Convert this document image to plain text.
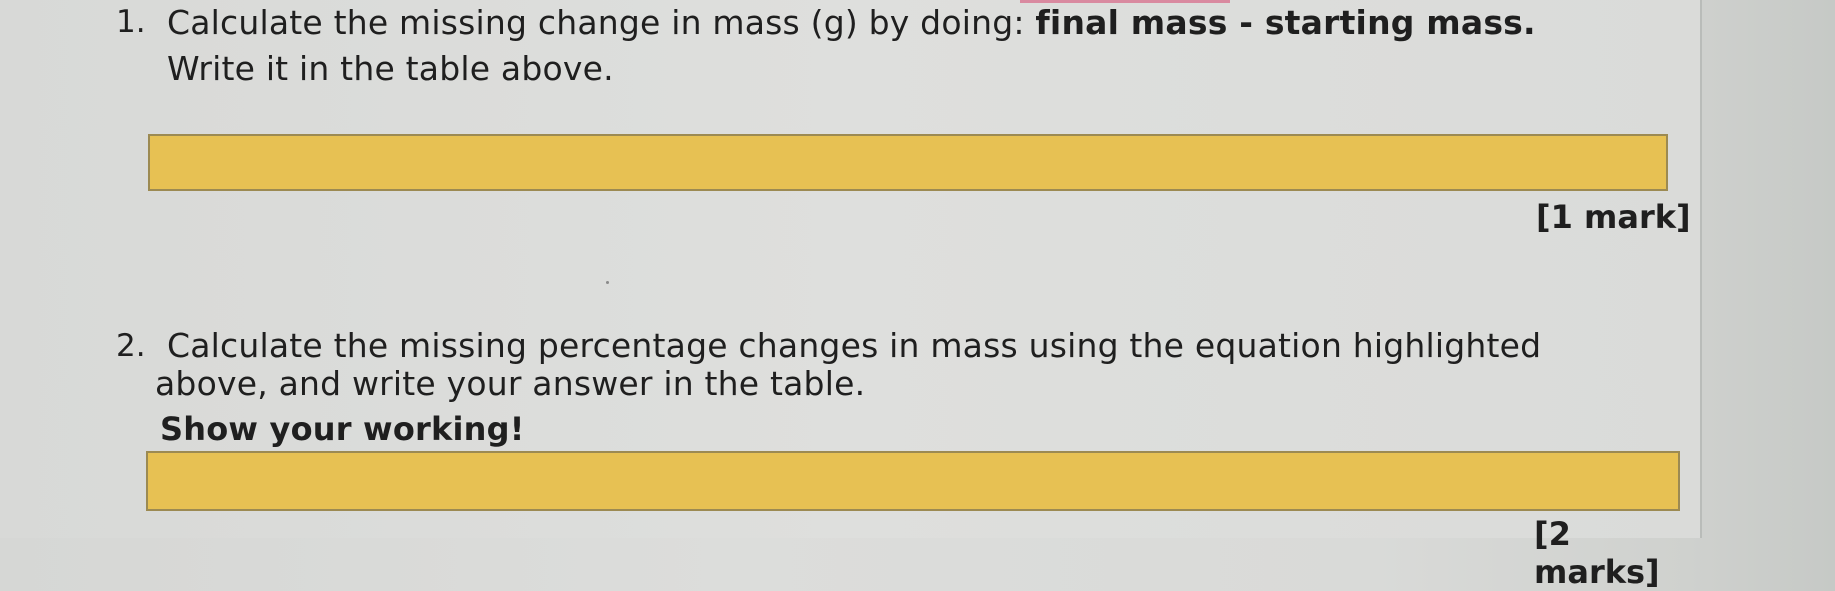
1. Calculate the missing change in mass (g) by doing: final mass - starting mass.
Write it in the table above.
[1 mark]
2. Calculate the missing percentage changes in mass using the equation highlighted
above, and write your answer in the table.
Show your working!
[2 marks]
